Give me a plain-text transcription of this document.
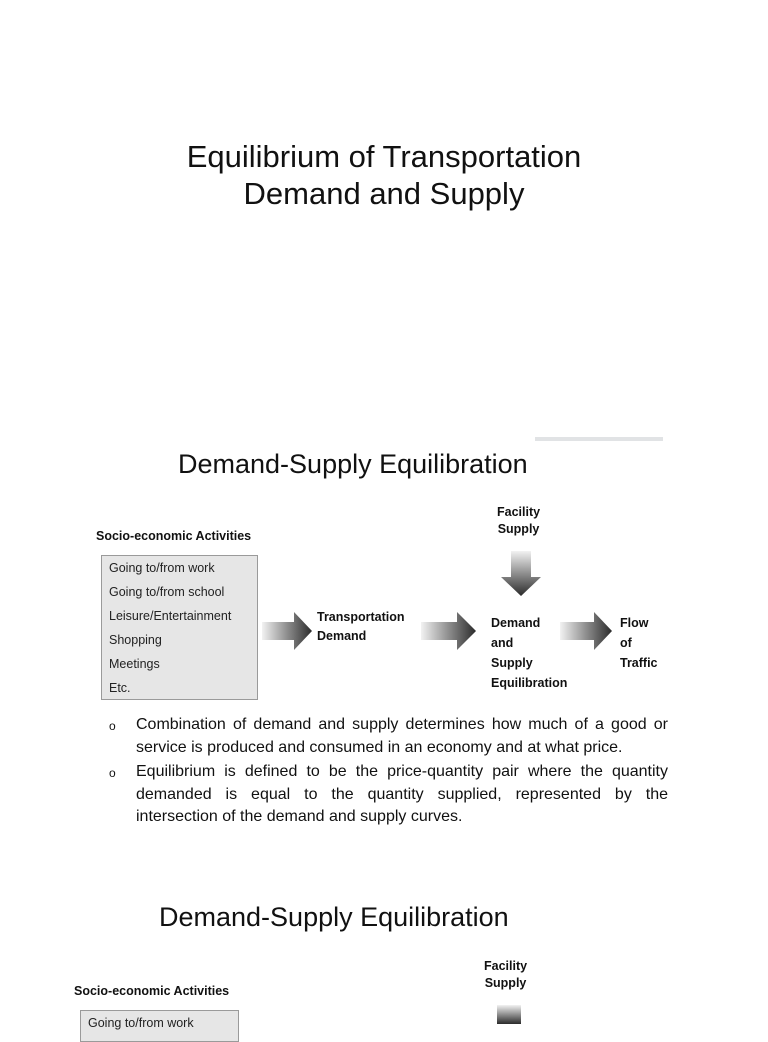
Equilibrium of Transportation
Demand and Supply
Demand-Supply Equilibration
Socio-economic Activities
Going to/from work
Going to/from school
Leisure/Entertainment
Shopping
Meetings
Etc.
Transportation
Demand
Facility
Supply
Demand
and
Supply
Equilibration
Flow
of
Traffic
o Combination of demand and supply determines how much of a good or service is produced and consumed in an economy and at what price.
o Equilibrium is defined to be the price-quantity pair where the quantity demanded is equal to the quantity supplied, represented by the intersection of the demand and supply curves.
Demand-Supply Equilibration
Facility
Supply
Socio-economic Activities
Going to/from work
